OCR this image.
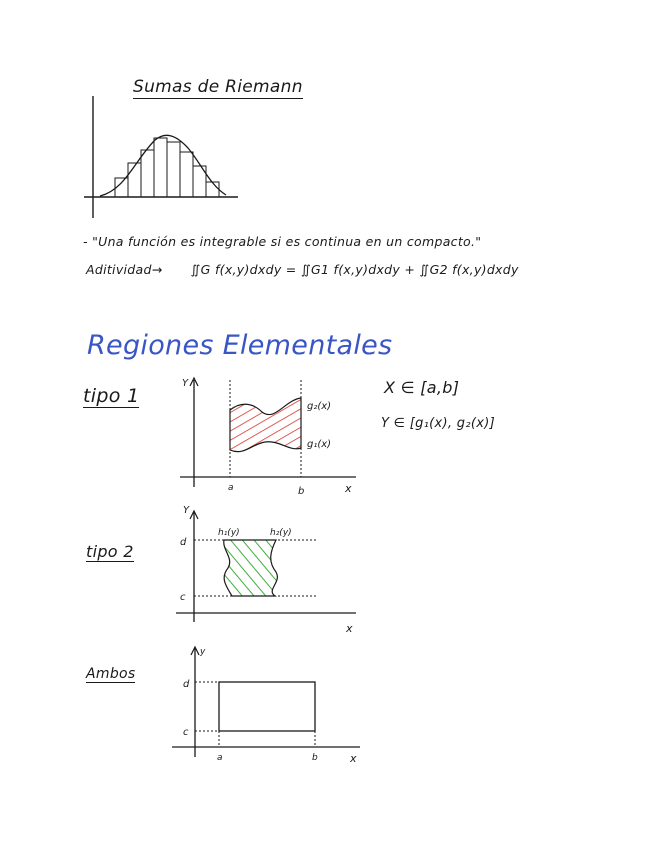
Sumas de Riemann
- "Una función es integrable si es continua en un compacto."
Aditividad→ ∬G f(x,y)dxdy = ∬G1 f(x,y)dxdy + ∬G2 f(x,y)dxdy
Regiones Elementales
tipo 1
Y
x
a	b
g₂(x)
g₁(x)
X ∈ [a,b]
Y ∈ [g₁(x), g₂(x)]
tipo 2
Y
x
d
c
h₁(y)	h₂(y)
Ambos
y
x
d
c
a	b
